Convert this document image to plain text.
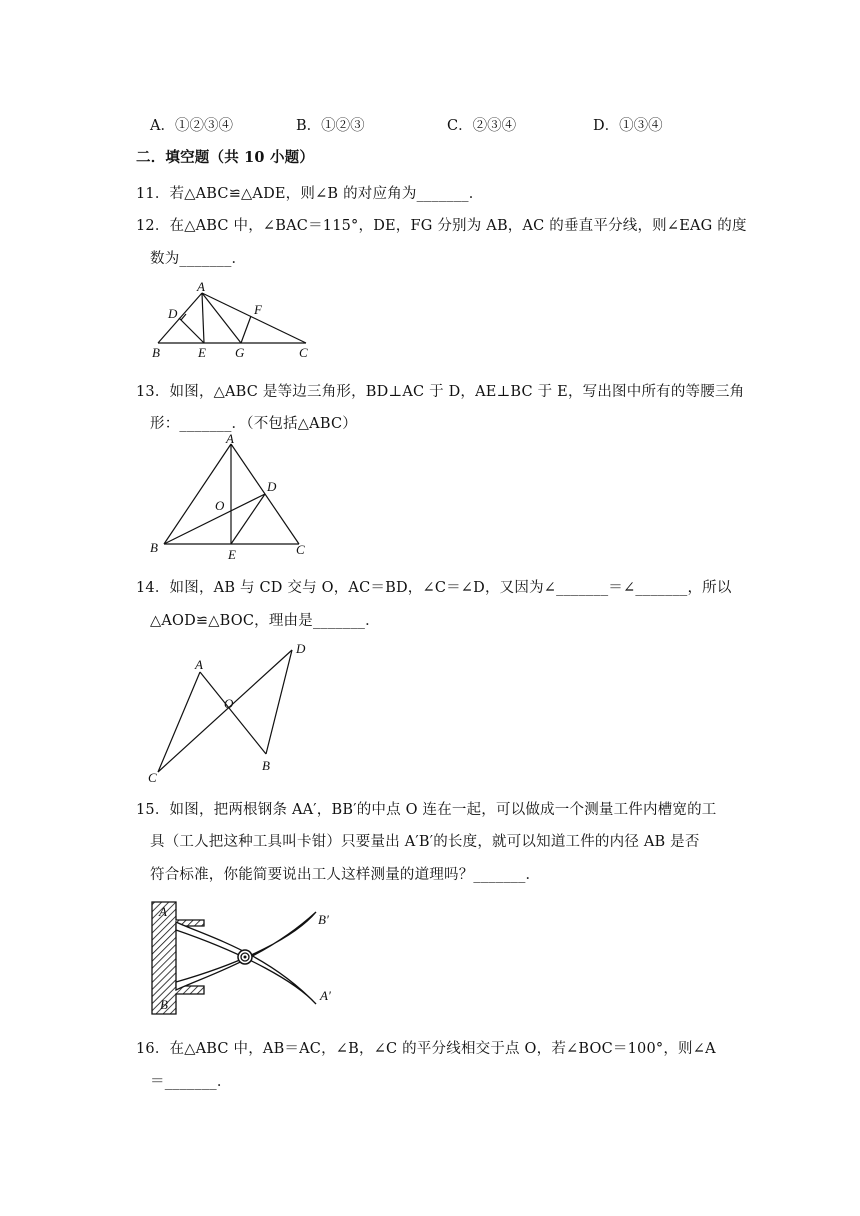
A．①②③④	B．①②③	C．②③④	D．①③④
二．填空题（共 10 小题）
11．若△ABC≌△ADE，则∠B 的对应角为_______．
12．在△ABC 中，∠BAC＝115°，DE，FG 分别为 AB，AC 的垂直平分线，则∠EAG 的度
数为_______．
A
D	F
B	E G	C
13．如图，△ABC 是等边三角形，BD⊥AC 于 D，AE⊥BC 于 E，写出图中所有的等腰三角
形：_______．（不包括△ABC）
A
D
O
B	E	C
14．如图，AB 与 CD 交与 O，AC＝BD，∠C＝∠D，又因为∠_______＝∠_______，所以
△AOD≌△BOC，理由是_______．
A
D
O
C
B
15．如图，把两根钢条 AA′，BB′的中点 O 连在一起，可以做成一个测量工件内槽宽的工
具（工人把这种工具叫卡钳）只要量出 A′B′的长度，就可以知道工件的内径 AB 是否
符合标准，你能简要说出工人这样测量的道理吗？_______．
A
B
B′
A′
16．在△ABC 中，AB＝AC，∠B，∠C 的平分线相交于点 O，若∠BOC＝100°，则∠A
＝_______．
